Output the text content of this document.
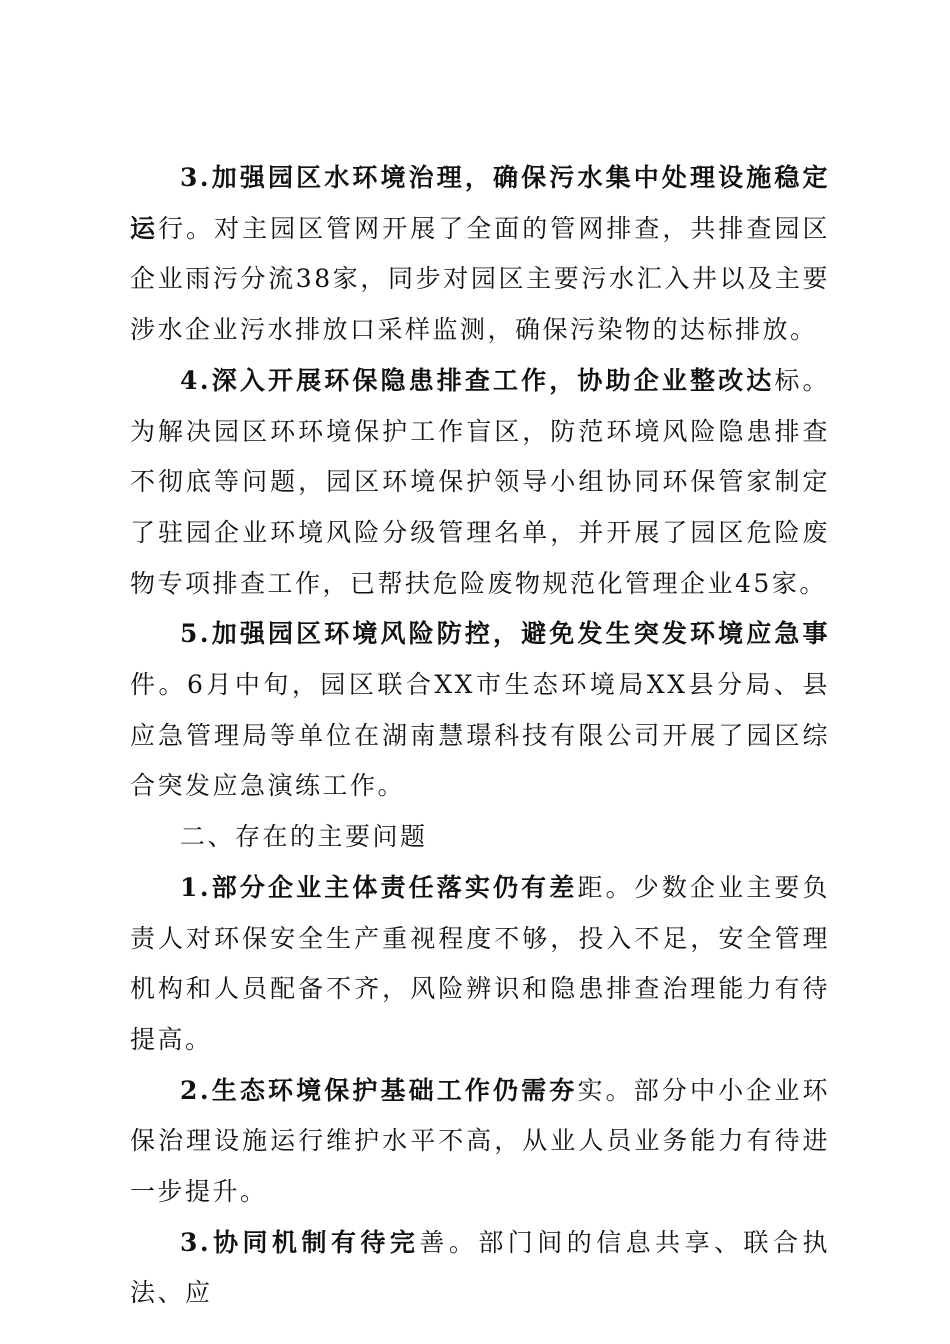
3.加强园区水环境治理，确保污水集中处理设施稳定运行。对主园区管网开展了全面的管网排查，共排查园区企业雨污分流38家，同步对园区主要污水汇入井以及主要涉水企业污水排放口采样监测，确保污染物的达标排放。

4.深入开展环保隐患排查工作，协助企业整改达标。为解决园区环环境保护工作盲区，防范环境风险隐患排查不彻底等问题，园区环境保护领导小组协同环保管家制定了驻园企业环境风险分级管理名单，并开展了园区危险废物专项排查工作，已帮扶危险废物规范化管理企业45家。

5.加强园区环境风险防控，避免发生突发环境应急事件。6月中旬，园区联合XX市生态环境局XX县分局、县应急管理局等单位在湖南慧璟科技有限公司开展了园区综合突发应急演练工作。

二、存在的主要问题

1.部分企业主体责任落实仍有差距。少数企业主要负责人对环保安全生产重视程度不够，投入不足，安全管理机构和人员配备不齐，风险辨识和隐患排查治理能力有待提高。

2.生态环境保护基础工作仍需夯实。部分中小企业环保治理设施运行维护水平不高，从业人员业务能力有待进一步提升。

3.协同机制有待完善。部门间的信息共享、联合执法、应
